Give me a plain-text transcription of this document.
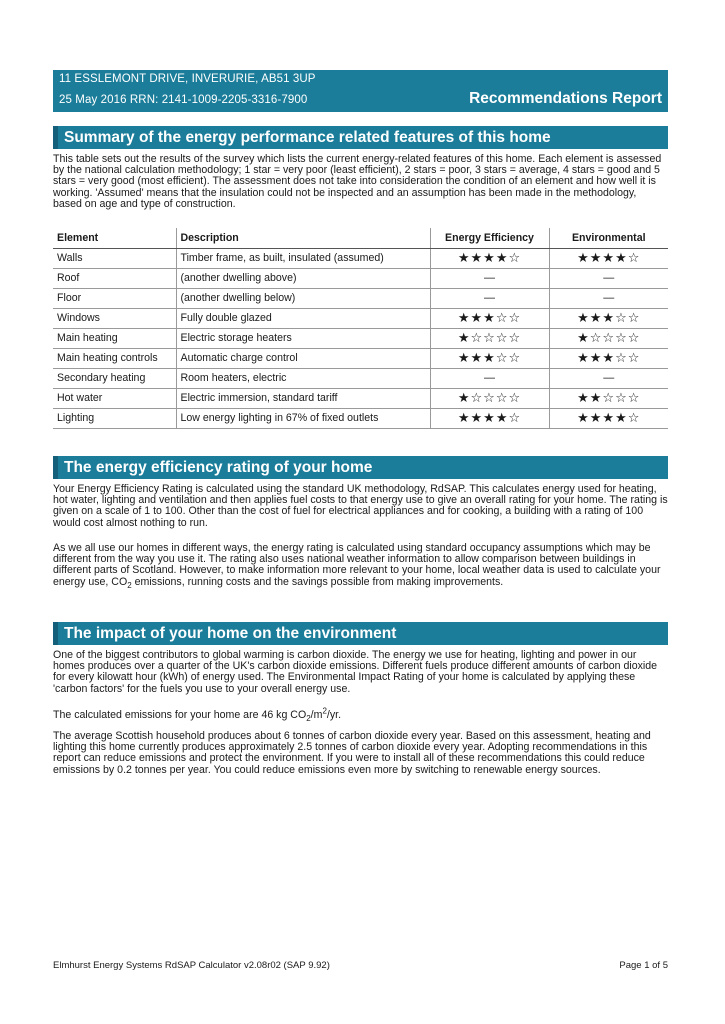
11 ESSLEMONT DRIVE, INVERURIE, AB51 3UP
25 May 2016 RRN: 2141-1009-2205-3316-7900	Recommendations Report
Summary of the energy performance related features of this home

This table sets out the results of the survey which lists the current energy-related features of this home. Each element is assessed by the national calculation methodology; 1 star = very poor (least efficient), 2 stars = poor, 3 stars = average, 4 stars = good and 5 stars = very good (most efficient). The assessment does not take into consideration the condition of an element and how well it is working. 'Assumed' means that the insulation could not be inspected and an assumption has been made in the methodology, based on age and type of construction.

Element	Description	Energy Efficiency	Environmental
Walls	Timber frame, as built, insulated (assumed)	★★★★☆	★★★★☆
Roof	(another dwelling above)	—	—
Floor	(another dwelling below)	—	—
Windows	Fully double glazed	★★★☆☆	★★★☆☆
Main heating	Electric storage heaters	★☆☆☆☆	★☆☆☆☆
Main heating controls	Automatic charge control	★★★☆☆	★★★☆☆
Secondary heating	Room heaters, electric	—	—
Hot water	Electric immersion, standard tariff	★☆☆☆☆	★★☆☆☆
Lighting	Low energy lighting in 67% of fixed outlets	★★★★☆	★★★★☆
The energy efficiency rating of your home

Your Energy Efficiency Rating is calculated using the standard UK methodology, RdSAP. This calculates energy used for heating, hot water, lighting and ventilation and then applies fuel costs to that energy use to give an overall rating for your home. The rating is given on a scale of 1 to 100. Other than the cost of fuel for electrical appliances and for cooking, a building with a rating of 100 would cost almost nothing to run.

As we all use our homes in different ways, the energy rating is calculated using standard occupancy assumptions which may be different from the way you use it. The rating also uses national weather information to allow comparison between buildings in different parts of Scotland. However, to make information more relevant to your home, local weather data is used to calculate your energy use, $CO_2$ emissions, running costs and the savings possible from making improvements.

The impact of your home on the environment

One of the biggest contributors to global warming is carbon dioxide. The energy we use for heating, lighting and power in our homes produces over a quarter of the UK's carbon dioxide emissions. Different fuels produce different amounts of carbon dioxide for every kilowatt hour (kWh) of energy used. The Environmental Impact Rating of your home is calculated by applying these 'carbon factors' for the fuels you use to your overall energy use.

The calculated emissions for your home are 46 kg $CO_2/m^2/yr$.

The average Scottish household produces about 6 tonnes of carbon dioxide every year. Based on this assessment, heating and lighting this home currently produces approximately 2.5 tonnes of carbon dioxide every year. Adopting recommendations in this report can reduce emissions and protect the environment. If you were to install all of these recommendations this could reduce emissions by 0.2 tonnes per year. You could reduce emissions even more by switching to renewable energy sources.

Elmhurst Energy Systems RdSAP Calculator v2.08r02 (SAP 9.92)	Page 1 of 5
